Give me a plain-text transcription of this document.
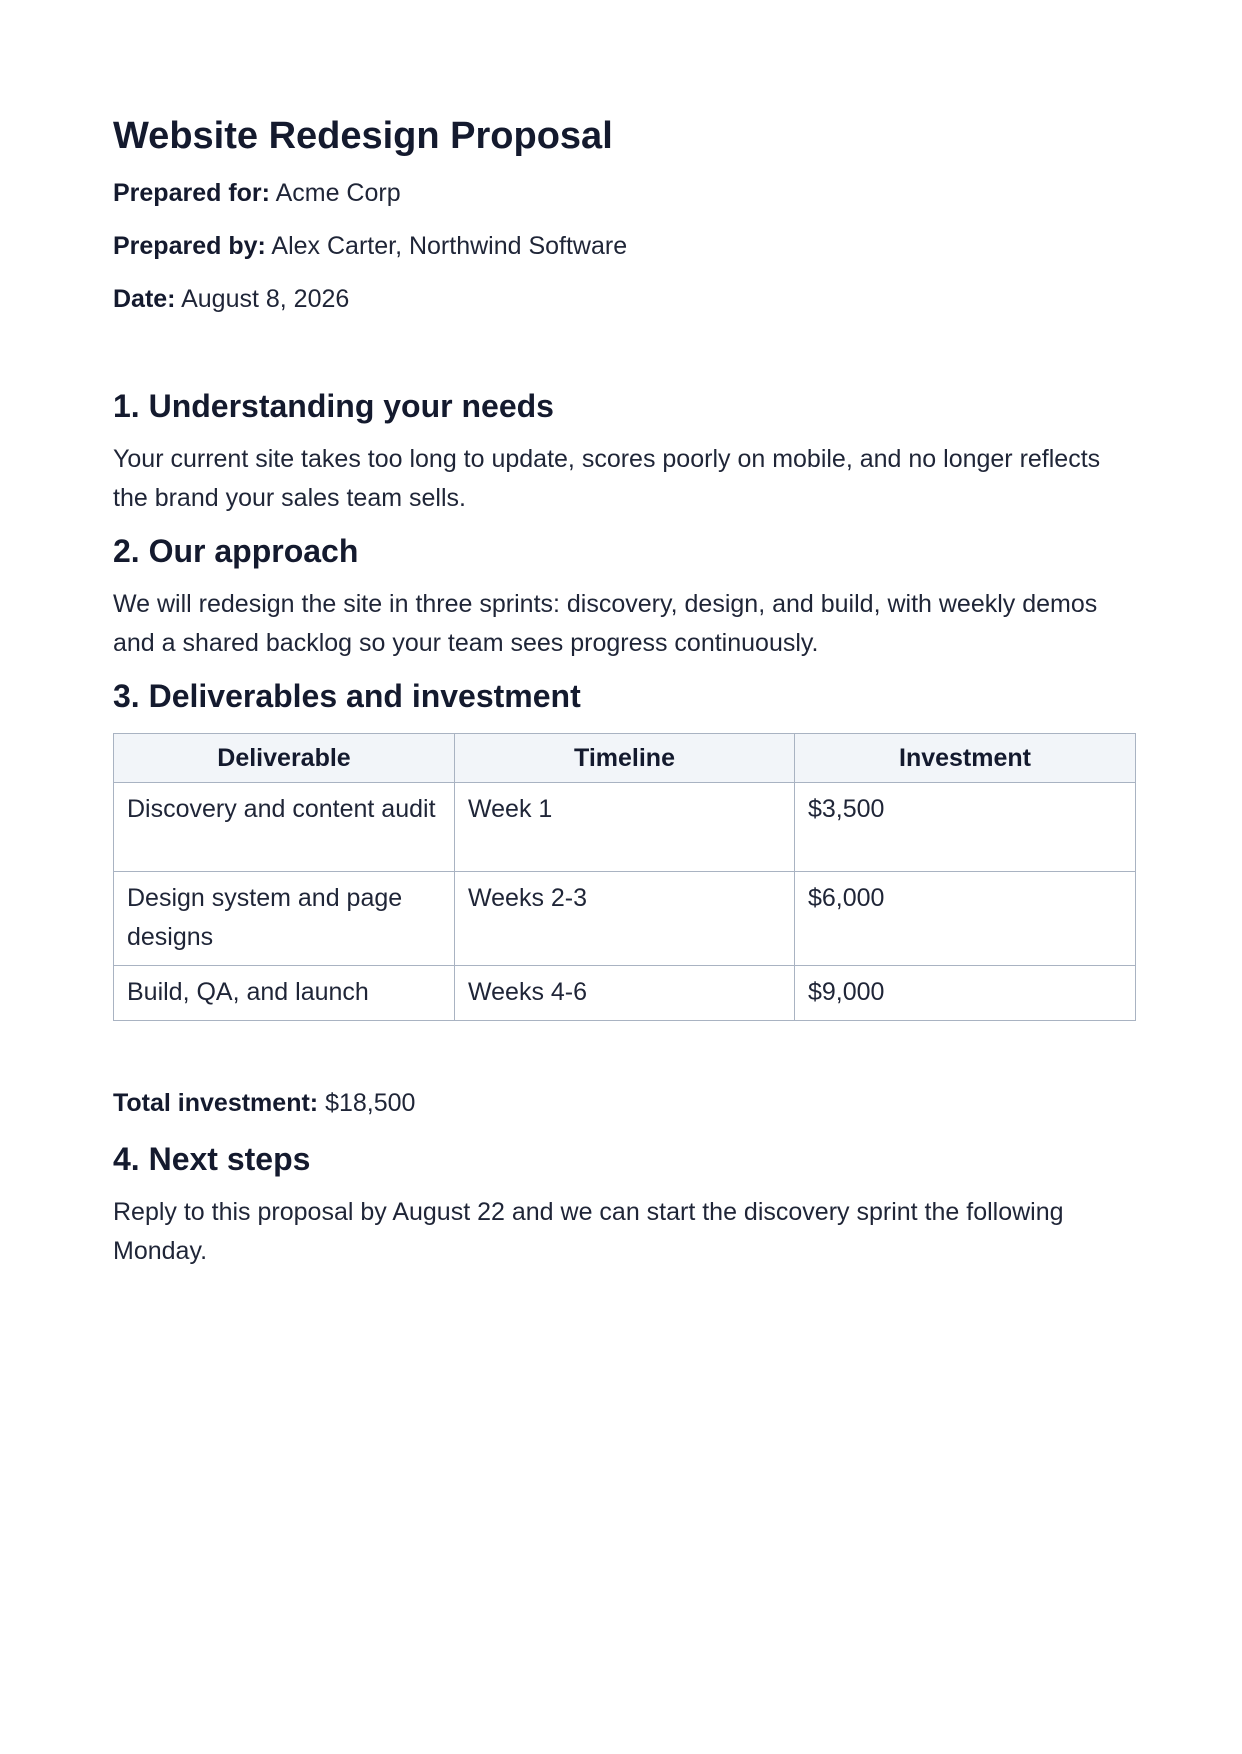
Website Redesign Proposal

Prepared for: Acme Corp

Prepared by: Alex Carter, Northwind Software

Date: August 8, 2026

1. Understanding your needs

Your current site takes too long to update, scores poorly on mobile, and no longer reflects the brand your sales team sells.

2. Our approach

We will redesign the site in three sprints: discovery, design, and build, with weekly demos and a shared backlog so your team sees progress continuously.

3. Deliverables and investment
Deliverable	Timeline	Investment
Discovery and content audit	Week 1	$3,500
Design system and page designs	Weeks 2-3	$6,000
Build, QA, and launch	Weeks 4-6	$9,000

Total investment: $18,500

4. Next steps

Reply to this proposal by August 22 and we can start the discovery sprint the following Monday.
